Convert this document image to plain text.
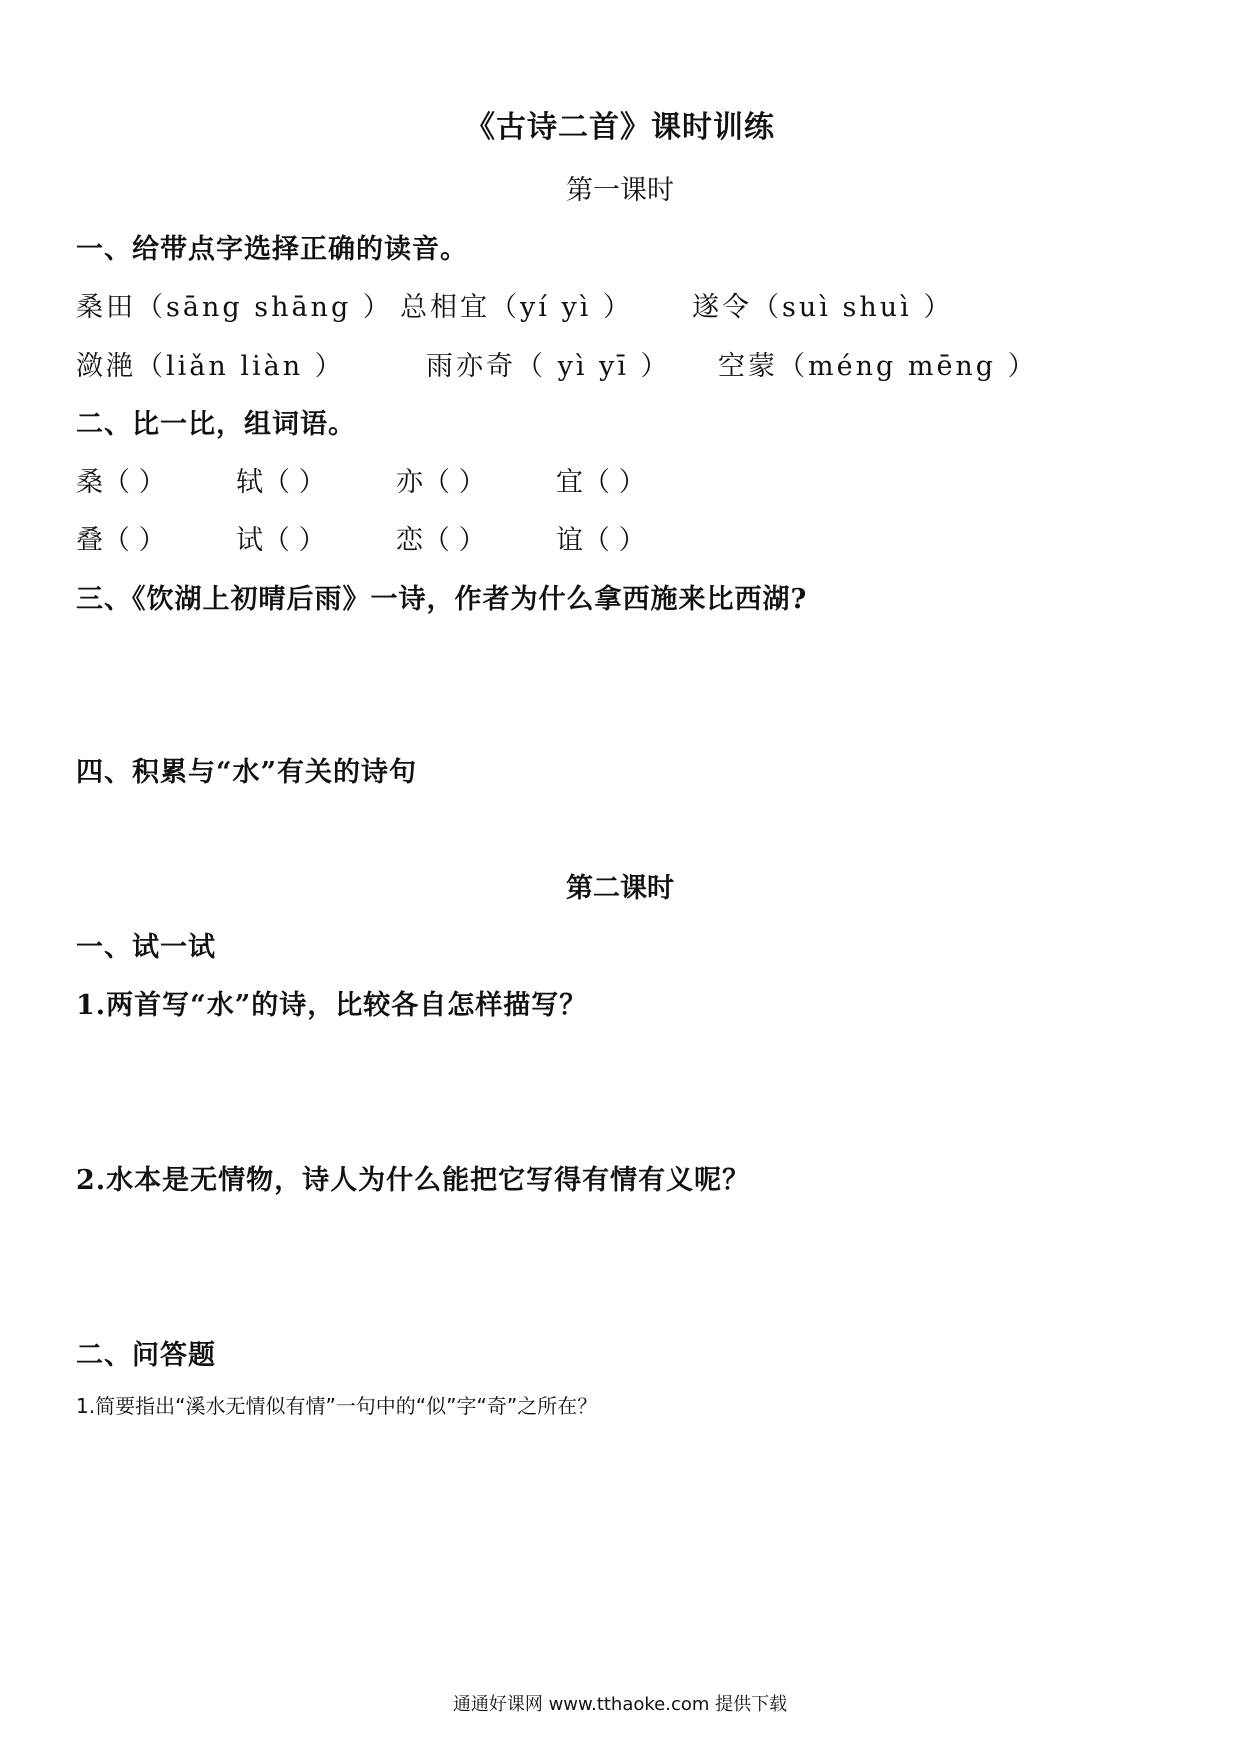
《古诗二首》课时训练
第一课时
一、给带点字选择正确的读音。
桑田（sāng shāng ） 总相宜（yí yì ） 遂令（suì shuì ）
潋滟（liǎn liàn ）	雨亦奇（ yì yī ） 空蒙（méng mēng ）
二、比一比，组词语。
桑（ ）	轼（ ）	亦（ ）	宜（ ）
叠（ ）	试（ ）	恋（ ）	谊（ ）
三、《饮湖上初晴后雨》一诗，作者为什么拿西施来比西湖?
四、积累与“水”有关的诗句
第二课时
一、试一试
1.两首写“水”的诗，比较各自怎样描写？
2.水本是无情物，诗人为什么能把它写得有情有义呢？
二、问答题
1.简要指出“溪水无情似有情”一句中的“似”字“奇”之所在？
通通好课网 www.tthaoke.com 提供下载
